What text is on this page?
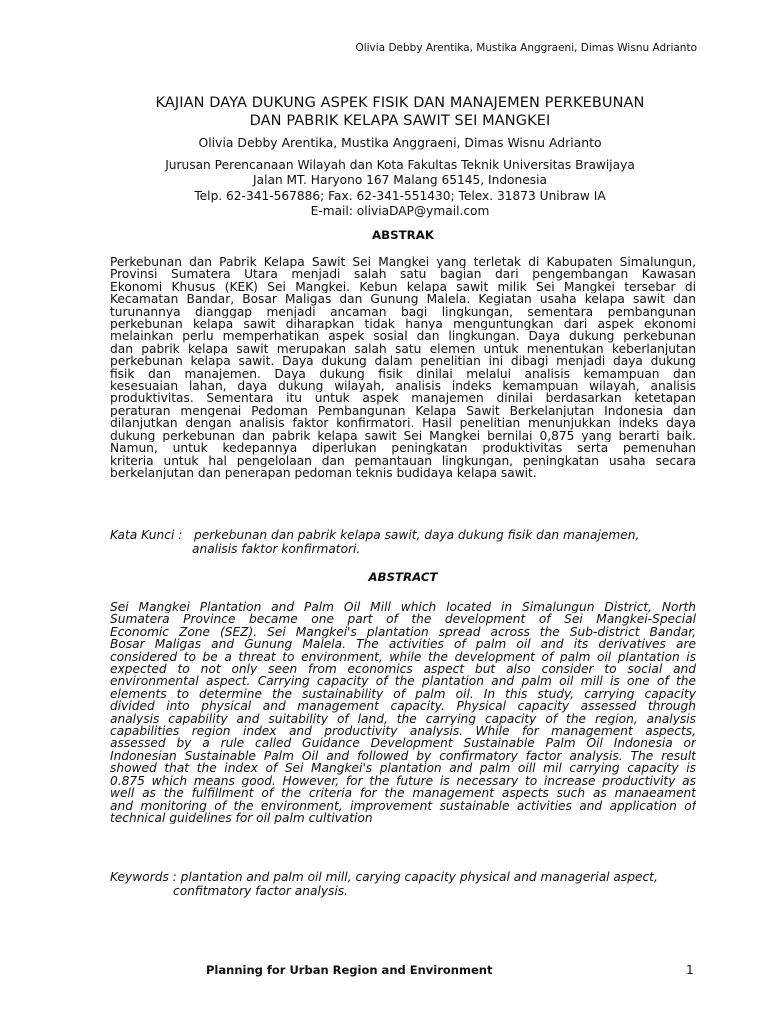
Olivia Debby Arentika, Mustika Anggraeni, Dimas Wisnu Adrianto
KAJIAN DAYA DUKUNG ASPEK FISIK DAN MANAJEMEN PERKEBUNAN
DAN PABRIK KELAPA SAWIT SEI MANGKEI
Olivia Debby Arentika, Mustika Anggraeni, Dimas Wisnu Adrianto
Jurusan Perencanaan Wilayah dan Kota Fakultas Teknik Universitas Brawijaya
Jalan MT. Haryono 167 Malang 65145, Indonesia
Telp. 62-341-567886; Fax. 62-341-551430; Telex. 31873 Unibraw IA
E-mail: oliviaDAP@ymail.com
ABSTRAK
Perkebunan dan Pabrik Kelapa Sawit Sei Mangkei yang terletak di Kabupaten Simalungun,
Provinsi Sumatera Utara menjadi salah satu bagian dari pengembangan Kawasan
Ekonomi Khusus (KEK) Sei Mangkei. Kebun kelapa sawit milik Sei Mangkei tersebar di
Kecamatan Bandar, Bosar Maligas dan Gunung Malela. Kegiatan usaha kelapa sawit dan
turunannya dianggap menjadi ancaman bagi lingkungan, sementara pembangunan
perkebunan kelapa sawit diharapkan tidak hanya menguntungkan dari aspek ekonomi
melainkan perlu memperhatikan aspek sosial dan lingkungan. Daya dukung perkebunan
dan pabrik kelapa sawit merupakan salah satu elemen untuk menentukan keberlanjutan
perkebunan kelapa sawit. Daya dukung dalam penelitian ini dibagi menjadi daya dukung
fisik dan manajemen. Daya dukung fisik dinilai melalui analisis kemampuan dan
kesesuaian lahan, daya dukung wilayah, analisis indeks kemampuan wilayah, analisis
produktivitas. Sementara itu untuk aspek manajemen dinilai berdasarkan ketetapan
peraturan mengenai Pedoman Pembangunan Kelapa Sawit Berkelanjutan Indonesia dan
dilanjutkan dengan analisis faktor konfirmatori. Hasil penelitian menunjukkan indeks daya
dukung perkebunan dan pabrik kelapa sawit Sei Mangkei bernilai 0,875 yang berarti baik.
Namun, untuk kedepannya diperlukan peningkatan produktivitas serta pemenuhan
kriteria untuk hal pengelolaan dan pemantauan lingkungan, peningkatan usaha secara
berkelanjutan dan penerapan pedoman teknis budidaya kelapa sawit.
Kata Kunci : perkebunan dan pabrik kelapa sawit, daya dukung fisik dan manajemen,
analisis faktor konfirmatori.
ABSTRACT
Sei Mangkei Plantation and Palm Oil Mill which located in Simalungun District, North
Sumatera Province became one part of the development of Sei Mangkei-Special
Economic Zone (SEZ). Sei Mangkei's plantation spread across the Sub-district Bandar,
Bosar Maligas and Gunung Malela. The activities of palm oil and its derivatives are
considered to be a threat to environment, while the development of palm oil plantation is
expected to not only seen from economics aspect but also consider to social and
environmental aspect. Carrying capacity of the plantation and palm oil mill is one of the
elements to determine the sustainability of palm oil. In this study, carrying capacity
divided into physical and management capacity. Physical capacity assessed through
analysis capability and suitability of land, the carrying capacity of the region, analysis
capabilities region index and productivity analysis. While for management aspects,
assessed by a rule called Guidance Development Sustainable Palm Oil Indonesia or
Indonesian Sustainable Palm Oil and followed by confirmatory factor analysis. The result
showed that the index of Sei Mangkei's plantation and palm oill mil carrying capacity is
0.875 which means good. However, for the future is necessary to increase productivity as
well as the fulfillment of the criteria for the management aspects such as manaeament
and monitoring of the environment, improvement sustainable activities and application of
technical guidelines for oil palm cultivation
Keywords : plantation and palm oil mill, carying capacity physical and managerial aspect,
confitmatory factor analysis.
Planning for Urban Region and Environment	1
